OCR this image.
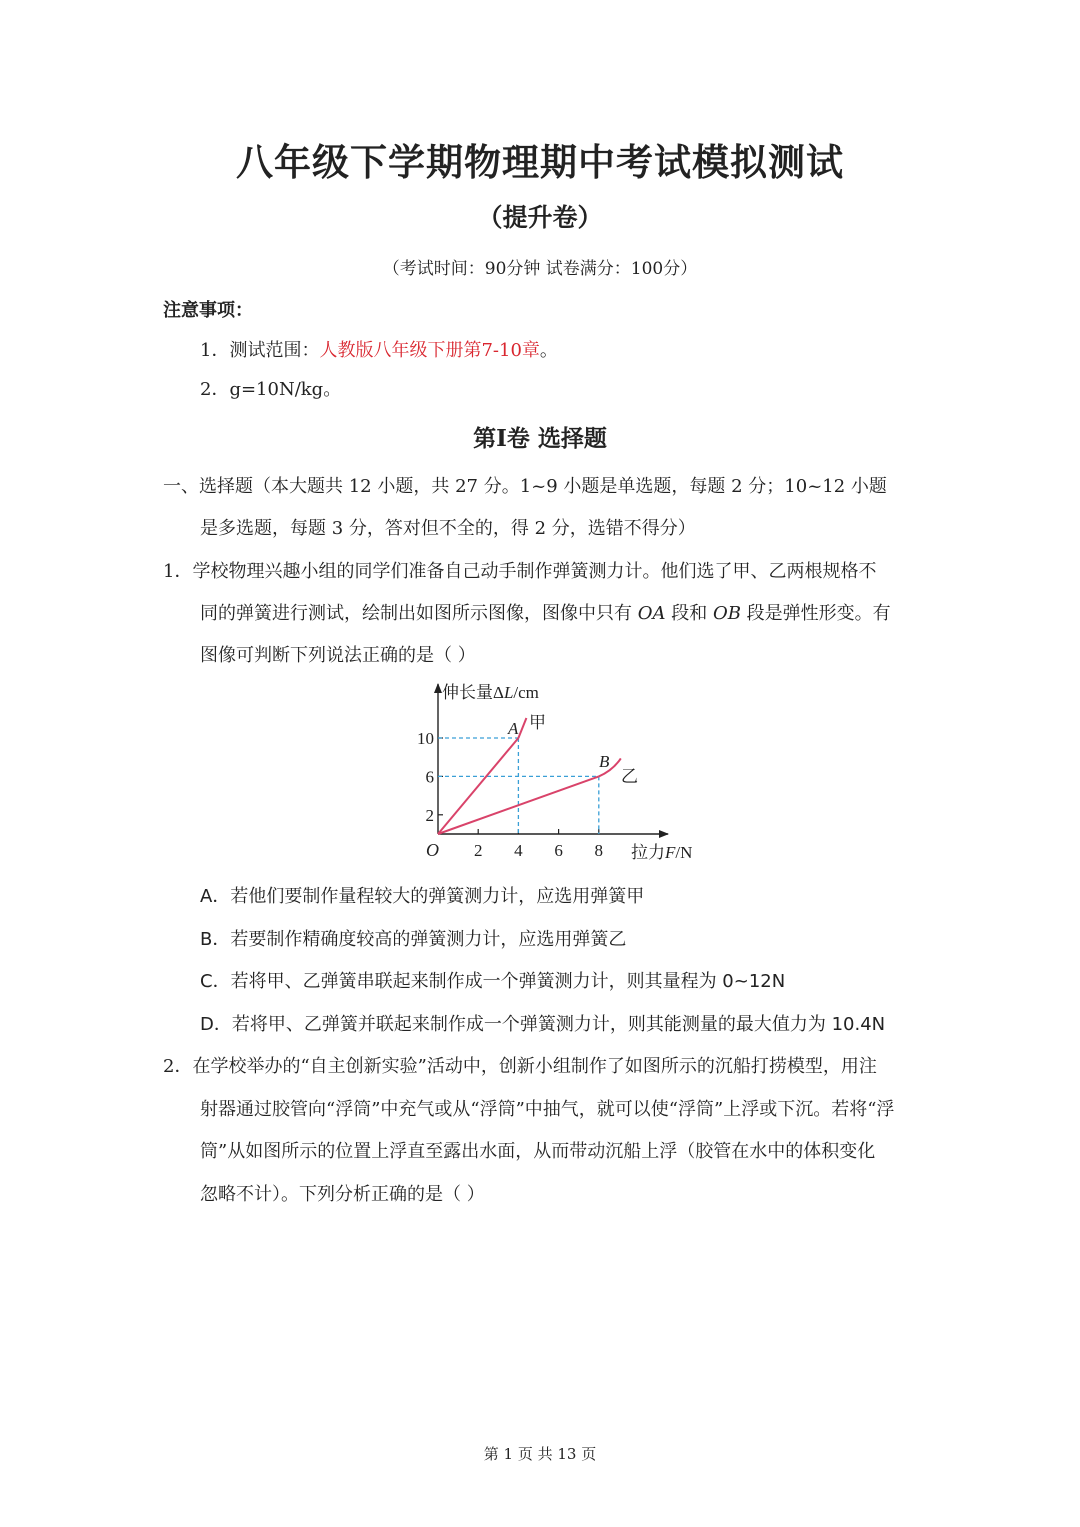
八年级下学期物理期中考试模拟测试
（提升卷）
（考试时间：90分钟 试卷满分：100分）
注意事项：
1．测试范围：人教版八年级下册第7-10章。
2．g=10N/kg。
第Ⅰ卷 选择题
一、选择题（本大题共 12 小题，共 27 分。1~9 小题是单选题，每题 2 分；10~12 小题
是多选题，每题 3 分，答对但不全的，得 2 分，选错不得分）
1．学校物理兴趣小组的同学们准备自己动手制作弹簧测力计。他们选了甲、乙两根规格不
同的弹簧进行测试，绘制出如图所示图像，图像中只有 OA 段和 OB 段是弹性形变。有
图像可判断下列说法正确的是（ ）
2 4 6 8
2
6
10
O
伸长量ΔL/cm
拉力F/N
A 甲
B
乙
A．若他们要制作量程较大的弹簧测力计，应选用弹簧甲
B．若要制作精确度较高的弹簧测力计，应选用弹簧乙
C．若将甲、乙弹簧串联起来制作成一个弹簧测力计，则其量程为 0~12N
D．若将甲、乙弹簧并联起来制作成一个弹簧测力计，则其能测量的最大值力为 10.4N
2．在学校举办的“自主创新实验”活动中，创新小组制作了如图所示的沉船打捞模型，用注
射器通过胶管向“浮筒”中充气或从“浮筒”中抽气，就可以使“浮筒”上浮或下沉。若将“浮
筒”从如图所示的位置上浮直至露出水面，从而带动沉船上浮（胶管在水中的体积变化
忽略不计）。下列分析正确的是（ ）
第 1 页 共 13 页
